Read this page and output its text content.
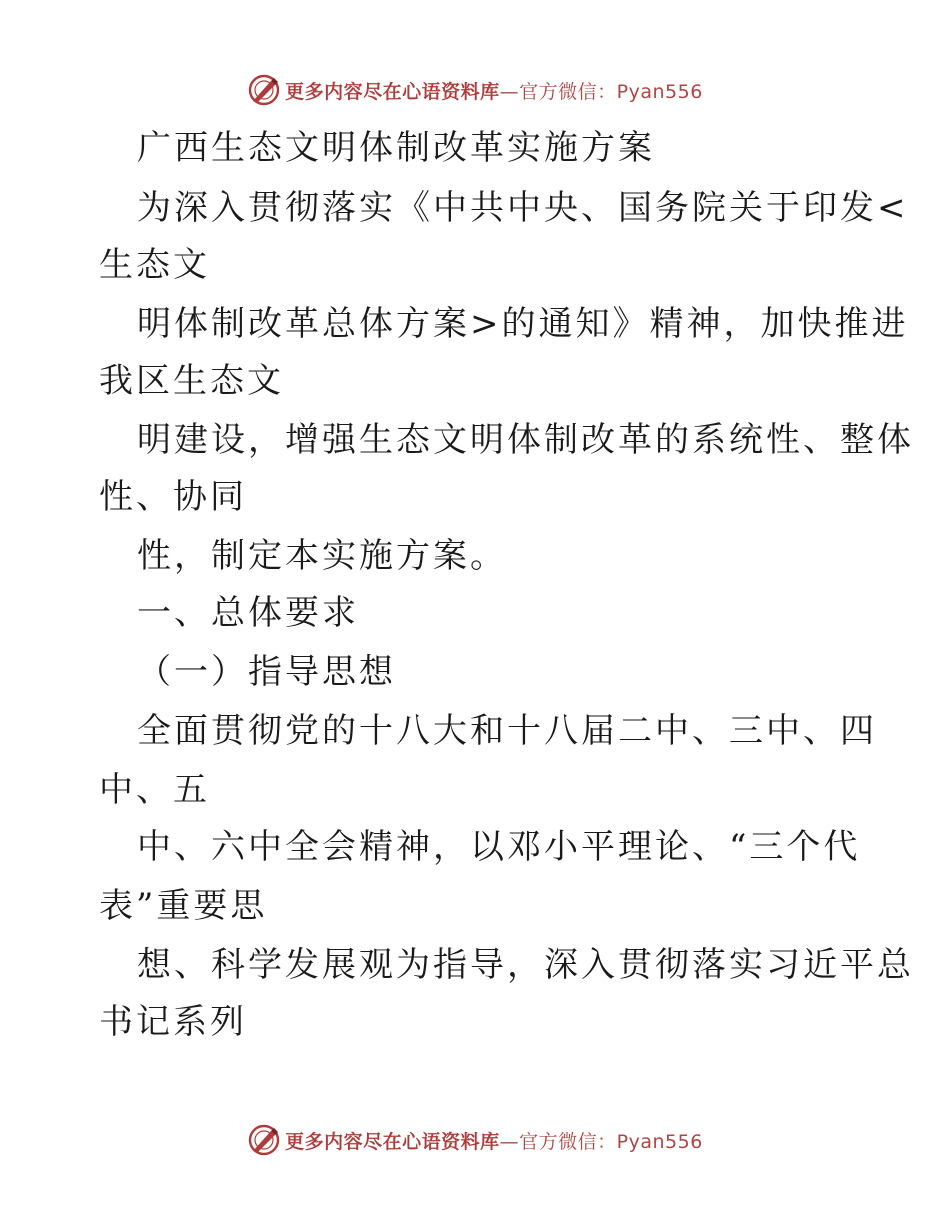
更多内容尽在心语资料库—官方微信：Pyan556
广西生态文明体制改革实施方案
为深入贯彻落实《中共中央、国务院关于印发<
生态文
明体制改革总体方案>的通知》精神，加快推进
我区生态文
明建设，增强生态文明体制改革的系统性、整体
性、协同
性，制定本实施方案。
一、总体要求
（一）指导思想
全面贯彻党的十八大和十八届二中、三中、四
中、五
中、六中全会精神，以邓小平理论、“三个代
表”重要思
想、科学发展观为指导，深入贯彻落实习近平总
书记系列
更多内容尽在心语资料库—官方微信：Pyan556
